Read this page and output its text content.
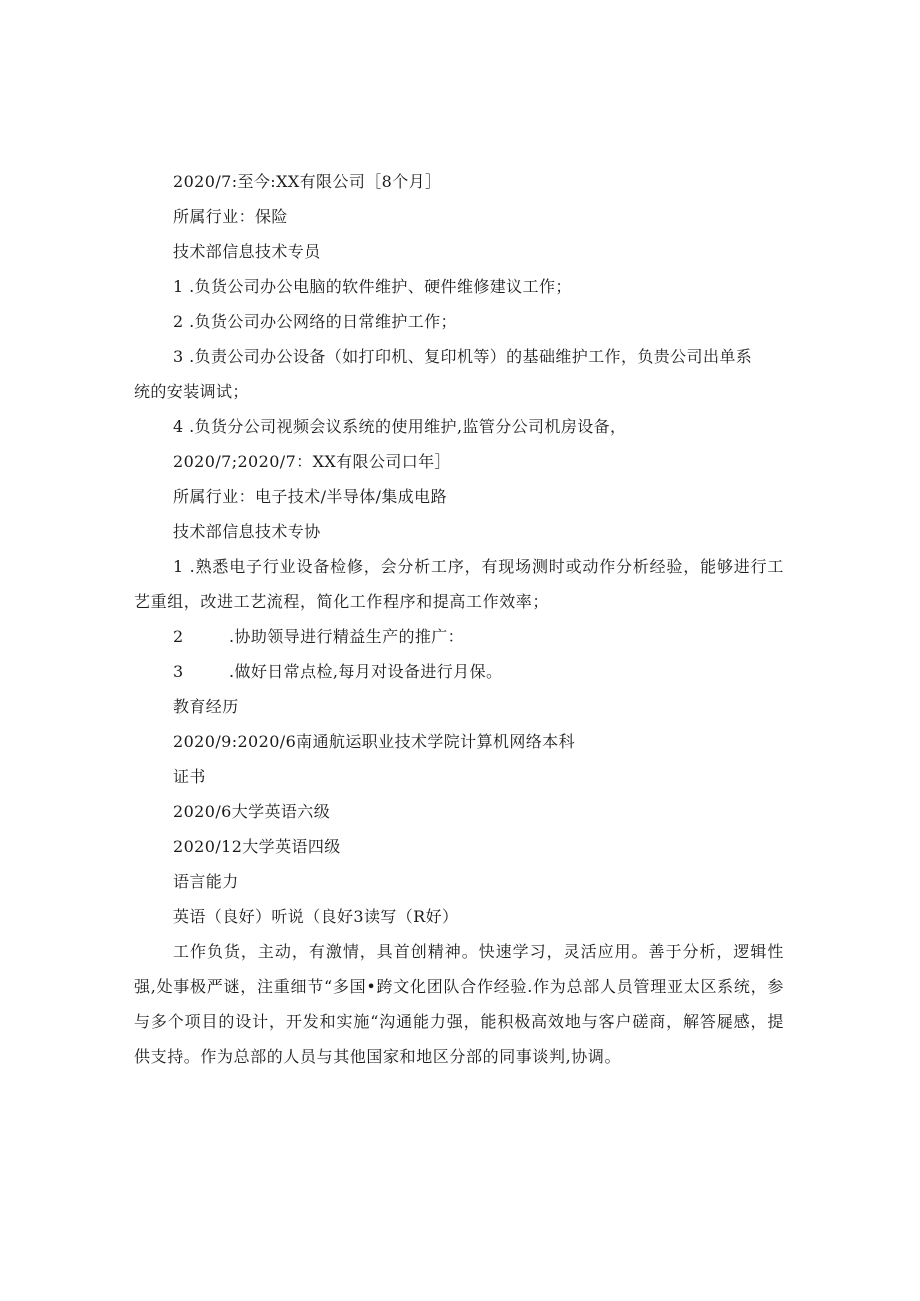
2020/7:至今:XX有限公司［8个月］
所属行业：保险
技术部信息技术专员
1 .负货公司办公电脑的软件维护、硬件维修建议工作；
2 .负货公司办公网络的日常维护工作；
3 .负责公司办公设备（如打印机、复印机等）的基础维护工作，负贵公司出单系
统的安装调试；
4 .负货分公司视频会议系统的使用维护,监管分公司机房设备，
2020/7;2020/7：XX有限公司口年］
所属行业：电子技术/半导体/集成电路
技术部信息技术专协
1 .熟悉电子行业设备检修，会分析工序，有现场测时或动作分析经验，能够进行工艺重组，改进工艺流程，简化工作程序和提高工作效率；
2	.协助领导进行精益生产的推广：
3	.做好日常点检,每月对设备进行月保。
教育经历
2020/9:2020/6南通航运职业技术学院计算机网络本科
证书
2020/6大学英语六级
2020/12大学英语四级
语言能力
英语（良好）听说（良好3读写（R好）
工作负货，主动，有激情，具首创精神。快速学习，灵活应用。善于分析，逻辑性强,处事极严谜，注重细节“多国•跨文化团队合作经验.作为总部人员管理亚太区系统，参与多个项目的设计，开发和实施“沟通能力强，能积极高效地与客户磋商，解答屣感，提供支持。作为总部的人员与其他国家和地区分部的同事谈判,协调。
